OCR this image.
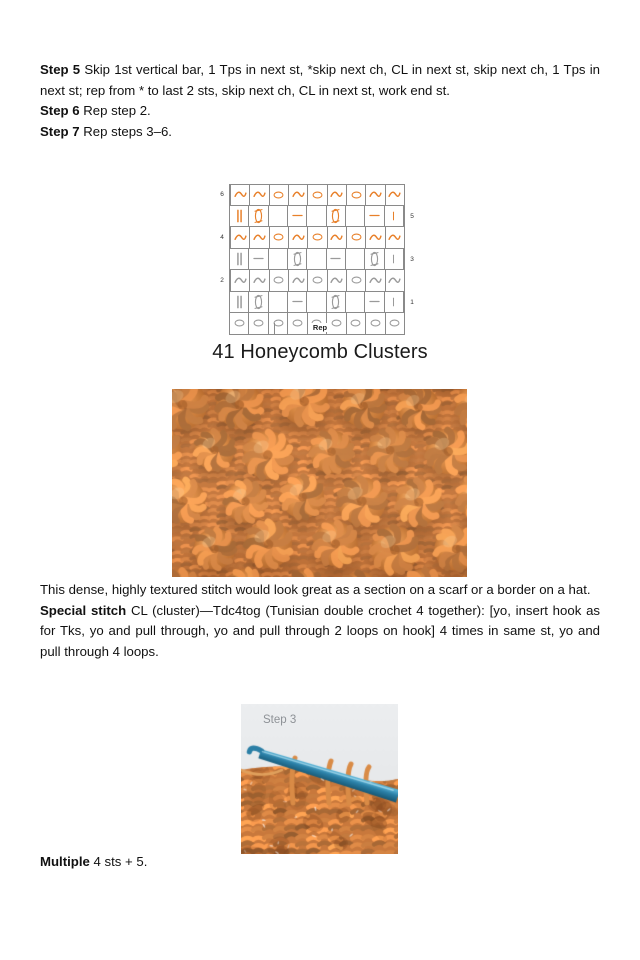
Step 5 Skip 1st vertical bar, 1 Tps in next st, *skip next ch, CL in next st, skip next ch, 1 Tps in next st; rep from * to last 2 sts, skip next ch, CL in next st, work end st.

Step 6 Rep step 2.

Step 7 Rep steps 3–6.

6
5
4
3
2
1
Rep
41 Honeycomb Clusters

This dense, highly textured stitch would look great as a section on a scarf or a border on a hat.

Special stitch CL (cluster)—Tdc4tog (Tunisian double crochet 4 together): [yo, insert hook as for Tks, yo and pull through, yo and pull through 2 loops on hook] 4 times in same st, yo and pull through 4 loops.

Step 3

Multiple 4 sts + 5.
